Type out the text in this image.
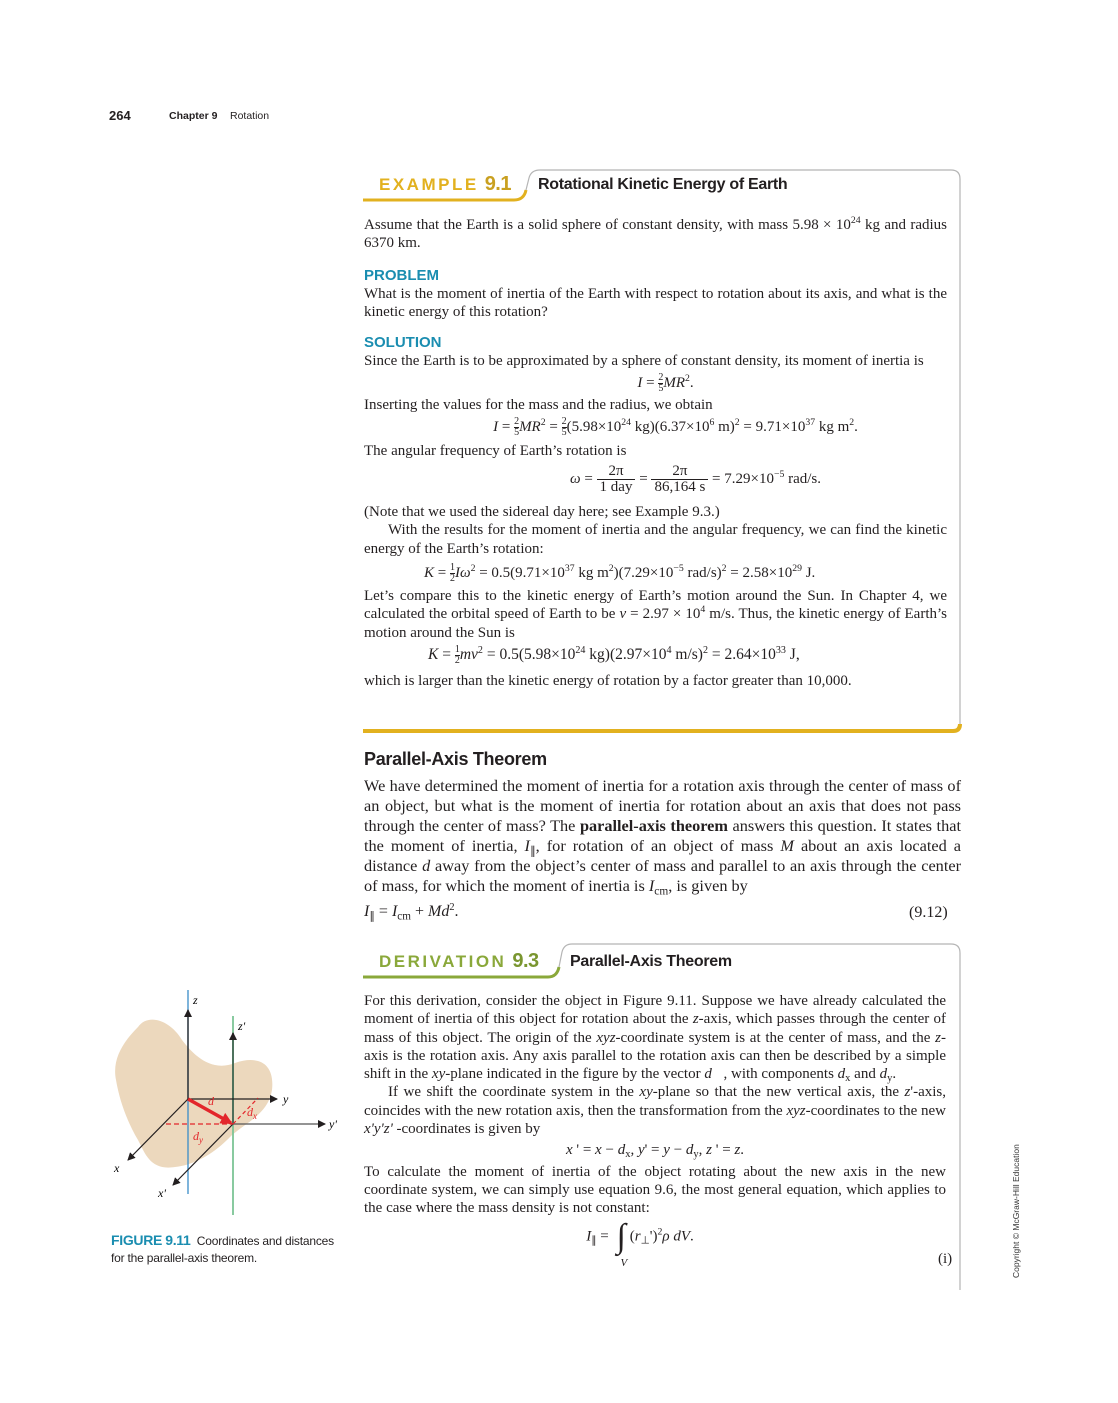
264	Chapter 9 Rotation
EXAMPLE 9.1 Rotational Kinetic Energy of Earth

Assume that the Earth is a solid sphere of constant density, with mass $5.98 \times 10^{24}$ kg and radius 6370 km.

PROBLEM

What is the moment of inertia of the Earth with respect to rotation about its axis, and what is the kinetic energy of this rotation?

SOLUTION

Since the Earth is to be approximated by a sphere of constant density, its moment of inertia is

$I = \frac{2}{5} MR^2$.

Inserting the values for the mass and the radius, we obtain

$I = \frac{2}{5} MR^2 = \frac{2}{5} (5.98\times 10^{24}$ $kg)(6.37\times 10^6$ $m)^2 = 9.71\times 10^{37}$ kg $m^2$.

The angular frequency of Earth’s rotation is

$\omega = \frac{2\pi}{\text{1 day}} = \frac{2\pi}{86,164 s} = 7.29\times 10^{-5}$ rad/s.

(Note that we used the sidereal day here; see Example 9.3.)

With the results for the moment of inertia and the angular frequency, we can find the kinetic energy of the Earth’s rotation:

$K = \frac{1}{2} I\omega^2 = 0.5(9.71\times 10^{37}$ kg $m^2)(7.29\times 10^{-5}$ $rad/s)^2 = 2.58\times 10^{29}$ J.

Let’s compare this to the kinetic energy of Earth’s motion around the Sun. In Chapter 4, we calculated the orbital speed of Earth to be $v = 2.97 \times 10^4$ m/s. Thus, the kinetic energy of Earth’s motion around the Sun is

$K = \frac{1}{2} mv^2 = 0.5(5.98\times 10^{24}$ $kg)(2.97\times 10^4$ $m/s)^2 = 2.64\times 10^{33}$ J,

which is larger than the kinetic energy of rotation by a factor greater than 10,000.

Parallel-Axis Theorem
We have determined the moment of inertia for a rotation axis through the center of mass of an object, but what is the moment of inertia for rotation about an axis that does not pass through the center of mass? The parallel-axis theorem answers this question. It states that the moment of inertia, $I_\parallel$, for rotation of an object of mass M about an axis located a distance d away from the object’s center of mass and parallel to an axis through the center of mass, for which the moment of inertia is $I_{cm}$, is given by
$I_\parallel = I_{cm} + Md^2$.	(9.12)
DERIVATION 9.3 Parallel-Axis Theorem

For this derivation, consider the object in Figure 9.11. Suppose we have already calculated the moment of inertia of this object for rotation about the z-axis, which passes through the center of mass of this object. The origin of the xyz-coordinate system is at the center of mass, and the z-axis is the rotation axis. Any axis parallel to the rotation axis can then be described by a simple shift in the xy-plane indicated in the figure by the vector d⃗, with components $d_x$ and $d_y$.

If we shift the coordinate system in the xy-plane so that the new vertical axis, the z'-axis, coincides with the new rotation axis, then the transformation from the xyz-coordinates to the new x'y'z' -coordinates is given by

x ' = $x - d_x$, $y' = y - d_y$, z ' = z.

To calculate the moment of inertia of the object rotating about the new axis in the new coordinate system, we can simply use equation 9.6, the most general equation, which applies to the case where the mass density is not constant:

$I_\parallel$ = ∫
V
$(r_\perp')^2\rho$ dV.
(i)
z
z'
y
y'
x
x'
d⃗
$d_x$
$d_y$
FIGURE 9.11 Coordinates and distances for the parallel-axis theorem.	Copyright © McGraw-Hill Education
